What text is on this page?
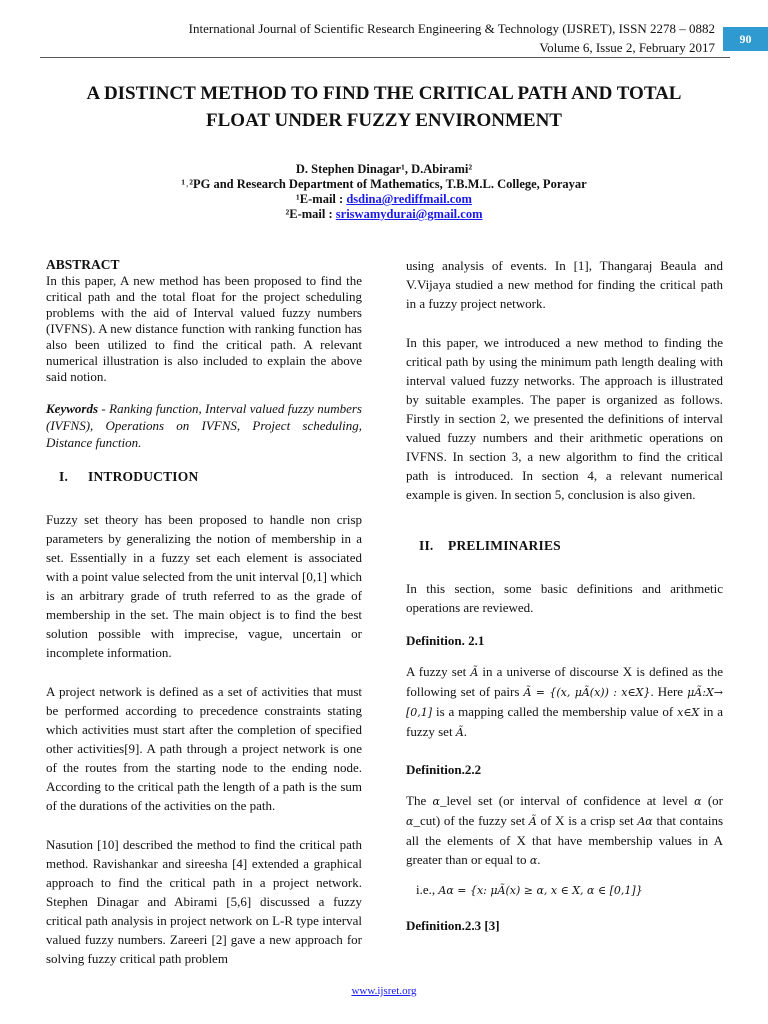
International Journal of Scientific Research Engineering & Technology (IJSRET), ISSN 2278 – 0882
Volume 6, Issue 2, February 2017
90
A DISTINCT METHOD TO FIND THE CRITICAL PATH AND TOTAL
FLOAT UNDER FUZZY ENVIRONMENT
D. Stephen Dinagar¹, D.Abirami²
¹˒²PG and Research Department of Mathematics, T.B.M.L. College, Porayar
¹E-mail : dsdina@rediffmail.com
²E-mail : sriswamydurai@gmail.com

ABSTRACT

In this paper, A new method has been proposed to find the critical path and the total float for the project scheduling problems with the aid of Interval valued fuzzy numbers (IVFNS). A new distance function with ranking function has also been utilized to find the critical path. A relevant numerical illustration is also included to explain the above said notion.

Keywords - Ranking function, Interval valued fuzzy numbers (IVFNS), Operations on IVFNS, Project scheduling, Distance function.

I. INTRODUCTION

Fuzzy set theory has been proposed to handle non crisp parameters by generalizing the notion of membership in a set. Essentially in a fuzzy set each element is associated with a point value selected from the unit interval [0,1] which is an arbitrary grade of truth referred to as the grade of membership in the set. The main object is to find the best solution possible with imprecise, vague, uncertain or incomplete information.

A project network is defined as a set of activities that must be performed according to precedence constraints stating which activities must start after the completion of specified other activities[9]. A path through a project network is one of the routes from the starting node to the ending node. According to the critical path the length of a path is the sum of the durations of the activities on the path.

Nasution [10] described the method to find the critical path method. Ravishankar and sireesha [4] extended a graphical approach to find the critical path in a project network. Stephen Dinagar and Abirami [5,6] discussed a fuzzy critical path analysis in project network on L-R type interval valued fuzzy numbers. Zareeri [2] gave a new approach for solving fuzzy critical path problem

using analysis of events. In [1], Thangaraj Beaula and V.Vijaya studied a new method for finding the critical path in a fuzzy project network.

In this paper, we introduced a new method to finding the critical path by using the minimum path length dealing with interval valued fuzzy networks. The approach is illustrated by suitable examples. The paper is organized as follows. Firstly in section 2, we presented the definitions of interval valued fuzzy numbers and their arithmetic operations on IVFNS. In section 3, a new algorithm to find the critical path is introduced. In section 4, a relevant numerical example is given. In section 5, conclusion is also given.

II. PRELIMINARIES

In this section, some basic definitions and arithmetic operations are reviewed.

Definition. 2.1

A fuzzy set Ã in a universe of discourse X is defined as the following set of pairs Ã = {(x, μÃ(x)) : x∈X}. Here μÃ:X→ [0,1] is a mapping called the membership value of x∈X in a fuzzy set Ã.

Definition.2.2

The α_level set (or interval of confidence at level α (or α_cut) of the fuzzy set Ã of X is a crisp set Aα that contains all the elements of X that have membership values in A greater than or equal to α.

i.e., Aα = {x: μÃ(x) ≥ α, x ∈ X, α ∈ [0,1]}

Definition.2.3 [3]

www.ijsret.org
